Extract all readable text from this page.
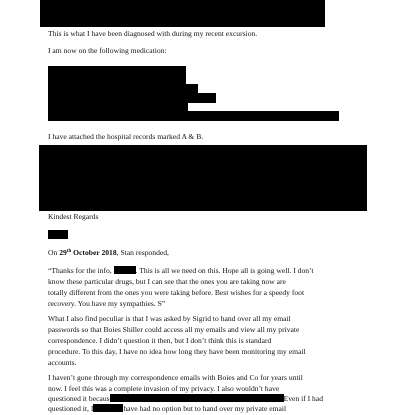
This is what I have been diagnosed with during my recent excursion.
I am now on the following medication:
I have attached the hospital records marked A & B.
Kindest Regards
On 29th October 2018, Stan responded,
“Thanks for the info,	. This is all we need on this. Hope all is going well. I don’t
know these particular drugs, but I can see that the ones you are taking now are
totally different from the ones you were taking before. Best wishes for a speedy foot
recovery. You have my sympathies. S”
What I also find peculiar is that I was asked by Sigrid to hand over all my email
passwords so that Boies Shiller could access all my emails and view all my private
correspondence. I didn’t question it then, but I don’t think this is standard
procedure. To this day, I have no idea how long they have been monitoring my email
accounts.
I haven’t gone through my correspondence emails with Boies and Co for years until
now. I feel this was a complete invasion of my privacy. I also wouldn’t have
questioned it becaus	Even if I had
questioned it, I	have had no option but to hand over my private email
